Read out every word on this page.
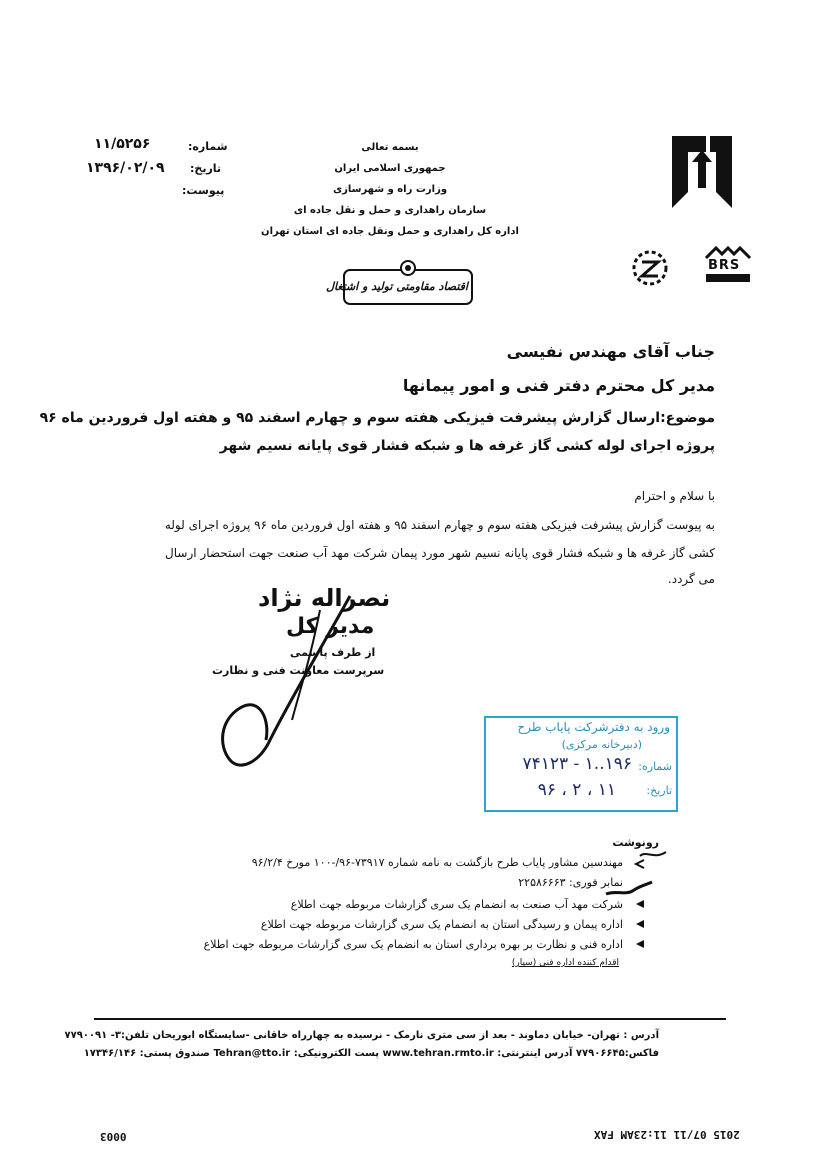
شماره:
۱۱/۵۲۵۶
تاریخ:
۱۳۹۶/۰۲/۰۹
پیوست:
بسمه تعالی
جمهوری اسلامی ایران
وزارت راه و شهرسازی
سازمان راهداری و حمل و نقل جاده ای
اداره کل راهداری و حمل ونقل جاده ای استان تهران
اقتصاد مقاومتی تولید و اشتغال
BRS
جناب آقای مهندس نفیسی
مدیر کل محترم دفتر فنی و امور پیمانها
موضوع:ارسال گزارش پیشرفت فیزیکی هفته سوم و چهارم اسفند ۹۵ و هفته اول فروردین ماه ۹۶
پروژه اجرای لوله کشی گاز غرفه ها و شبکه فشار قوی پایانه نسیم شهر
با سلام و احترام
به پیوست گزارش پیشرفت فیزیکی هفته سوم و چهارم اسفند ۹۵ و هفته اول فروردین ماه ۹۶ پروژه اجرای لوله
کشی گاز غرفه ها و شبکه فشار قوی پایانه نسیم شهر مورد پیمان شرکت مهد آب صنعت جهت استحضار ارسال
می گردد.
نصراله نژاد
مدیر کل
از طرف پاسمی
سرپرست معاونت فنی و نظارت
ورود به دفترشرکت پایاب طرح
(دبیرخانه مرکزی)
شماره:
۷۴۱۲۳ - ۱..۱۹۶
تاریخ:
۹۶ ، ۲ ، ۱۱
رونوشت
مهندسین مشاور پایاب طرح بازگشت به نامه شماره ۷۳۹۱۷-۹۶/-۱۰۰ مورخ ۹۶/۲/۴
نمابر فوری: ۲۲۵۸۶۶۶۳
شرکت مهد آب صنعت به انضمام یک سری گزارشات مربوطه جهت اطلاع
اداره پیمان و رسیدگی استان به انضمام یک سری گزارشات مربوطه جهت اطلاع
اداره فنی و نظارت بر بهره برداری استان به انضمام یک سری گزارشات مربوطه جهت اطلاع
اقدام کننده اداره فنی (سیار)
آدرس : تهران- خیابان دماوند - بعد از سی متری نارمک - نرسیده به چهارراه خاقانی -سایستگاه ابوریحان تلفن:۳- ۷۷۹۰۰۹۱
فاکس:۷۷۹۰۶۶۴۵ آدرس اینترنتی: www.tehran.rmto.ir پست الکترونیکی: Tehran@tto.ir صندوق پستی: ۱۷۳۴۶/۱۴۶
0003	2015 07/11 11:23AM FAX
